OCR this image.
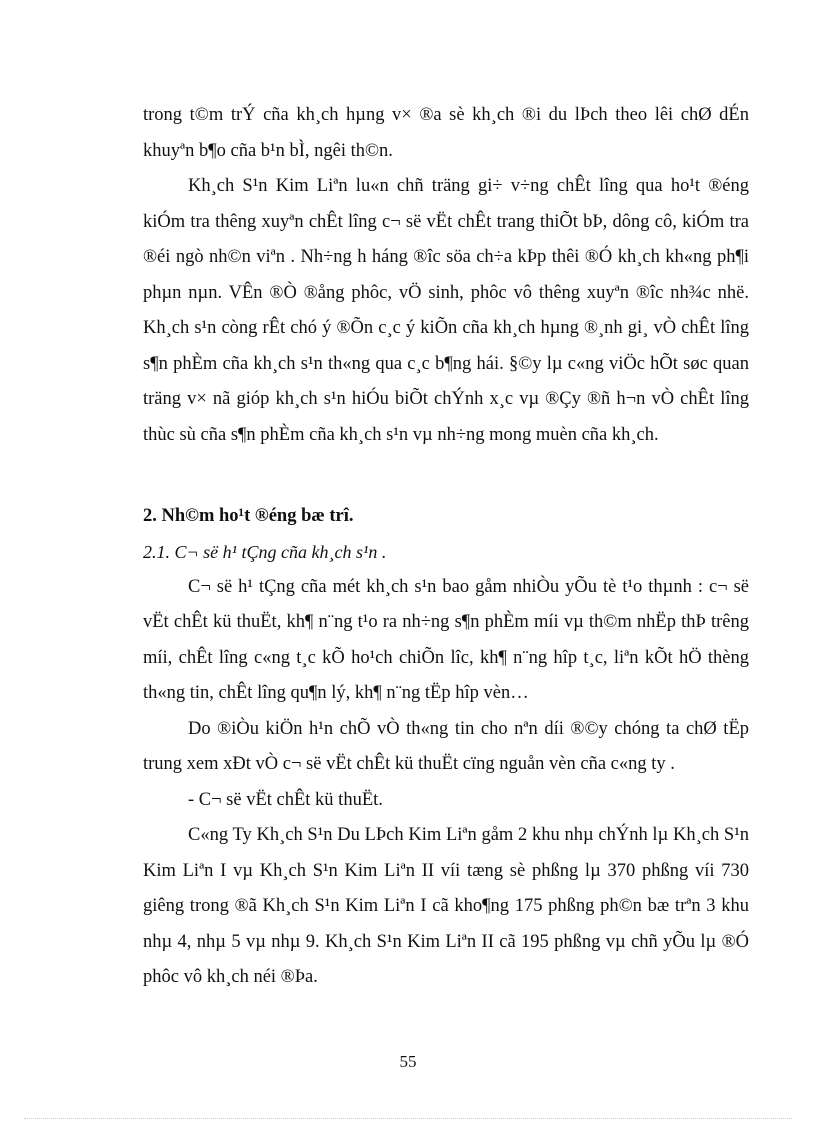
trong t©m trÝ cña kh¸ch hµng v× ®a sè kh¸ch ®i du lÞch theo lêi chØ dÉn khuyªn b¶o cña b¹n bÌ, ngêi th©n.

Kh¸ch S¹n Kim Liªn lu«n chñ träng gi÷ v÷ng chÊt lîng qua ho¹t ®éng kiÓm tra thêng xuyªn chÊt lîng c¬ së vËt chÊt trang thiÕt bÞ, dông cô, kiÓm tra ®éi ngò nh©n viªn . Nh÷ng h háng ®îc söa ch÷a kÞp thêi ®Ó kh¸ch kh«ng ph¶i phµn nµn. VÊn ®Ò ®ång phôc, vÖ sinh, phôc vô thêng xuyªn ®îc nh¾c nhë. Kh¸ch s¹n còng rÊt chó ý ®Õn c¸c ý kiÕn cña kh¸ch hµng ®¸nh gi¸ vÒ chÊt lîng s¶n phÈm cña kh¸ch s¹n th«ng qua c¸c b¶ng hái. §©y lµ c«ng viÖc hÕt søc quan träng v× nã gióp kh¸ch s¹n hiÓu biÕt chÝnh x¸c vµ ®Çy ®ñ h¬n vÒ chÊt lîng thùc sù cña s¶n phÈm cña kh¸ch s¹n vµ nh÷ng mong muèn cña kh¸ch.

2. Nh©m ho¹t ®éng bæ trî.
2.1. C¬ së h¹ tÇng cña kh¸ch s¹n .

C¬ së h¹ tÇng cña mét kh¸ch s¹n bao gåm nhiÒu yÕu tè t¹o thµnh : c¬ së vËt chÊt kü thuËt, kh¶ n¨ng t¹o ra nh÷ng s¶n phÈm míi vµ th©m nhËp thÞ trêng míi, chÊt lîng c«ng t¸c kÕ ho¹ch chiÕn lîc, kh¶ n¨ng hîp t¸c, liªn kÕt hÖ thèng th«ng tin, chÊt lîng qu¶n lý, kh¶ n¨ng tËp hîp vèn…

Do ®iÒu kiÖn h¹n chÕ vÒ th«ng tin cho nªn díi ®©y chóng ta chØ tËp trung xem xÐt vÒ c¬ së vËt chÊt kü thuËt cïng nguån vèn cña c«ng ty .

- C¬ së vËt chÊt kü thuËt.

C«ng Ty Kh¸ch S¹n Du LÞch Kim Liªn gåm 2 khu nhµ chÝnh lµ Kh¸ch S¹n Kim Liªn I vµ Kh¸ch S¹n Kim Liªn II víi tæng sè phßng lµ 370 phßng víi 730 giêng trong ®ã Kh¸ch S¹n Kim Liªn I cã kho¶ng 175 phßng ph©n bæ trªn 3 khu nhµ 4, nhµ 5 vµ nhµ 9. Kh¸ch S¹n Kim Liªn II cã 195 phßng vµ chñ yÕu lµ ®Ó phôc vô kh¸ch néi ®Þa.

55
